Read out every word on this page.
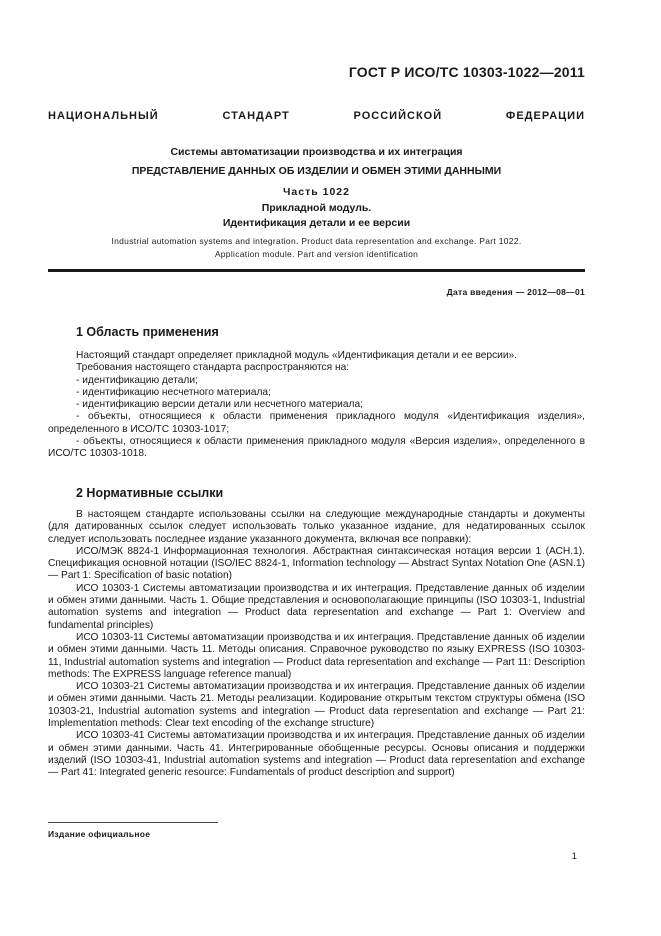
ГОСТ Р ИСО/ТС 10303-1022—2011
НАЦИОНАЛЬНЫЙ СТАНДАРТ РОССИЙСКОЙ ФЕДЕРАЦИИ
Системы автоматизации производства и их интеграция
ПРЕДСТАВЛЕНИЕ ДАННЫХ ОБ ИЗДЕЛИИ И ОБМЕН ЭТИМИ ДАННЫМИ
Часть 1022
Прикладной модуль.
Идентификация детали и ее версии
Industrial automation systems and integration. Product data representation and exchange. Part 1022.
Application module. Part and version identification
Дата введения — 2012—08—01
1 Область применения

Настоящий стандарт определяет прикладной модуль «Идентификация детали и ее версии».

Требования настоящего стандарта распространяются на:

- идентификацию детали;
- идентификацию несчетного материала;
- идентификацию версии детали или несчетного материала;

- объекты, относящиеся к области применения прикладного модуля «Идентификация изделия», определенного в ИСО/ТС 10303-1017;

- объекты, относящиеся к области применения прикладного модуля «Версия изделия», определенного в ИСО/ТС 10303-1018.

2 Нормативные ссылки

В настоящем стандарте использованы ссылки на следующие международные стандарты и документы (для датированных ссылок следует использовать только указанное издание, для недатированных ссылок следует использовать последнее издание указанного документа, включая все поправки):

ИСО/МЭК 8824-1 Информационная технология. Абстрактная синтаксическая нотация версии 1 (АСН.1). Спецификация основной нотации (ISO/IEC 8824-1, Information technology — Abstract Syntax Notation One (ASN.1) — Part 1: Specification of basic notation)

ИСО 10303-1 Системы автоматизации производства и их интеграция. Представление данных об изделии и обмен этими данными. Часть 1. Общие представления и основополагающие принципы (ISO 10303-1, Industrial automation systems and integration — Product data representation and exchange — Part 1: Overview and fundamental principles)

ИСО 10303-11 Системы автоматизации производства и их интеграция. Представление данных об изделии и обмен этими данными. Часть 11. Методы описания. Справочное руководство по языку EXPRESS (ISO 10303-11, Industrial automation systems and integration — Product data representation and exchange — Part 11: Description methods: The EXPRESS language reference manual)

ИСО 10303-21 Системы автоматизации производства и их интеграция. Представление данных об изделии и обмен этими данными. Часть 21. Методы реализации. Кодирование открытым текстом структуры обмена (ISO 10303-21, Industrial automation systems and integration — Product data representation and exchange — Part 21: Implementation methods: Clear text encoding of the exchange structure)

ИСО 10303-41 Системы автоматизации производства и их интеграция. Представление данных об изделии и обмен этими данными. Часть 41. Интегрированные обобщенные ресурсы. Основы описания и поддержки изделий (ISO 10303-41, Industrial automation systems and integration — Product data representation and exchange — Part 41: Integrated generic resource: Fundamentals of product description and support)

Издание официальное
1
